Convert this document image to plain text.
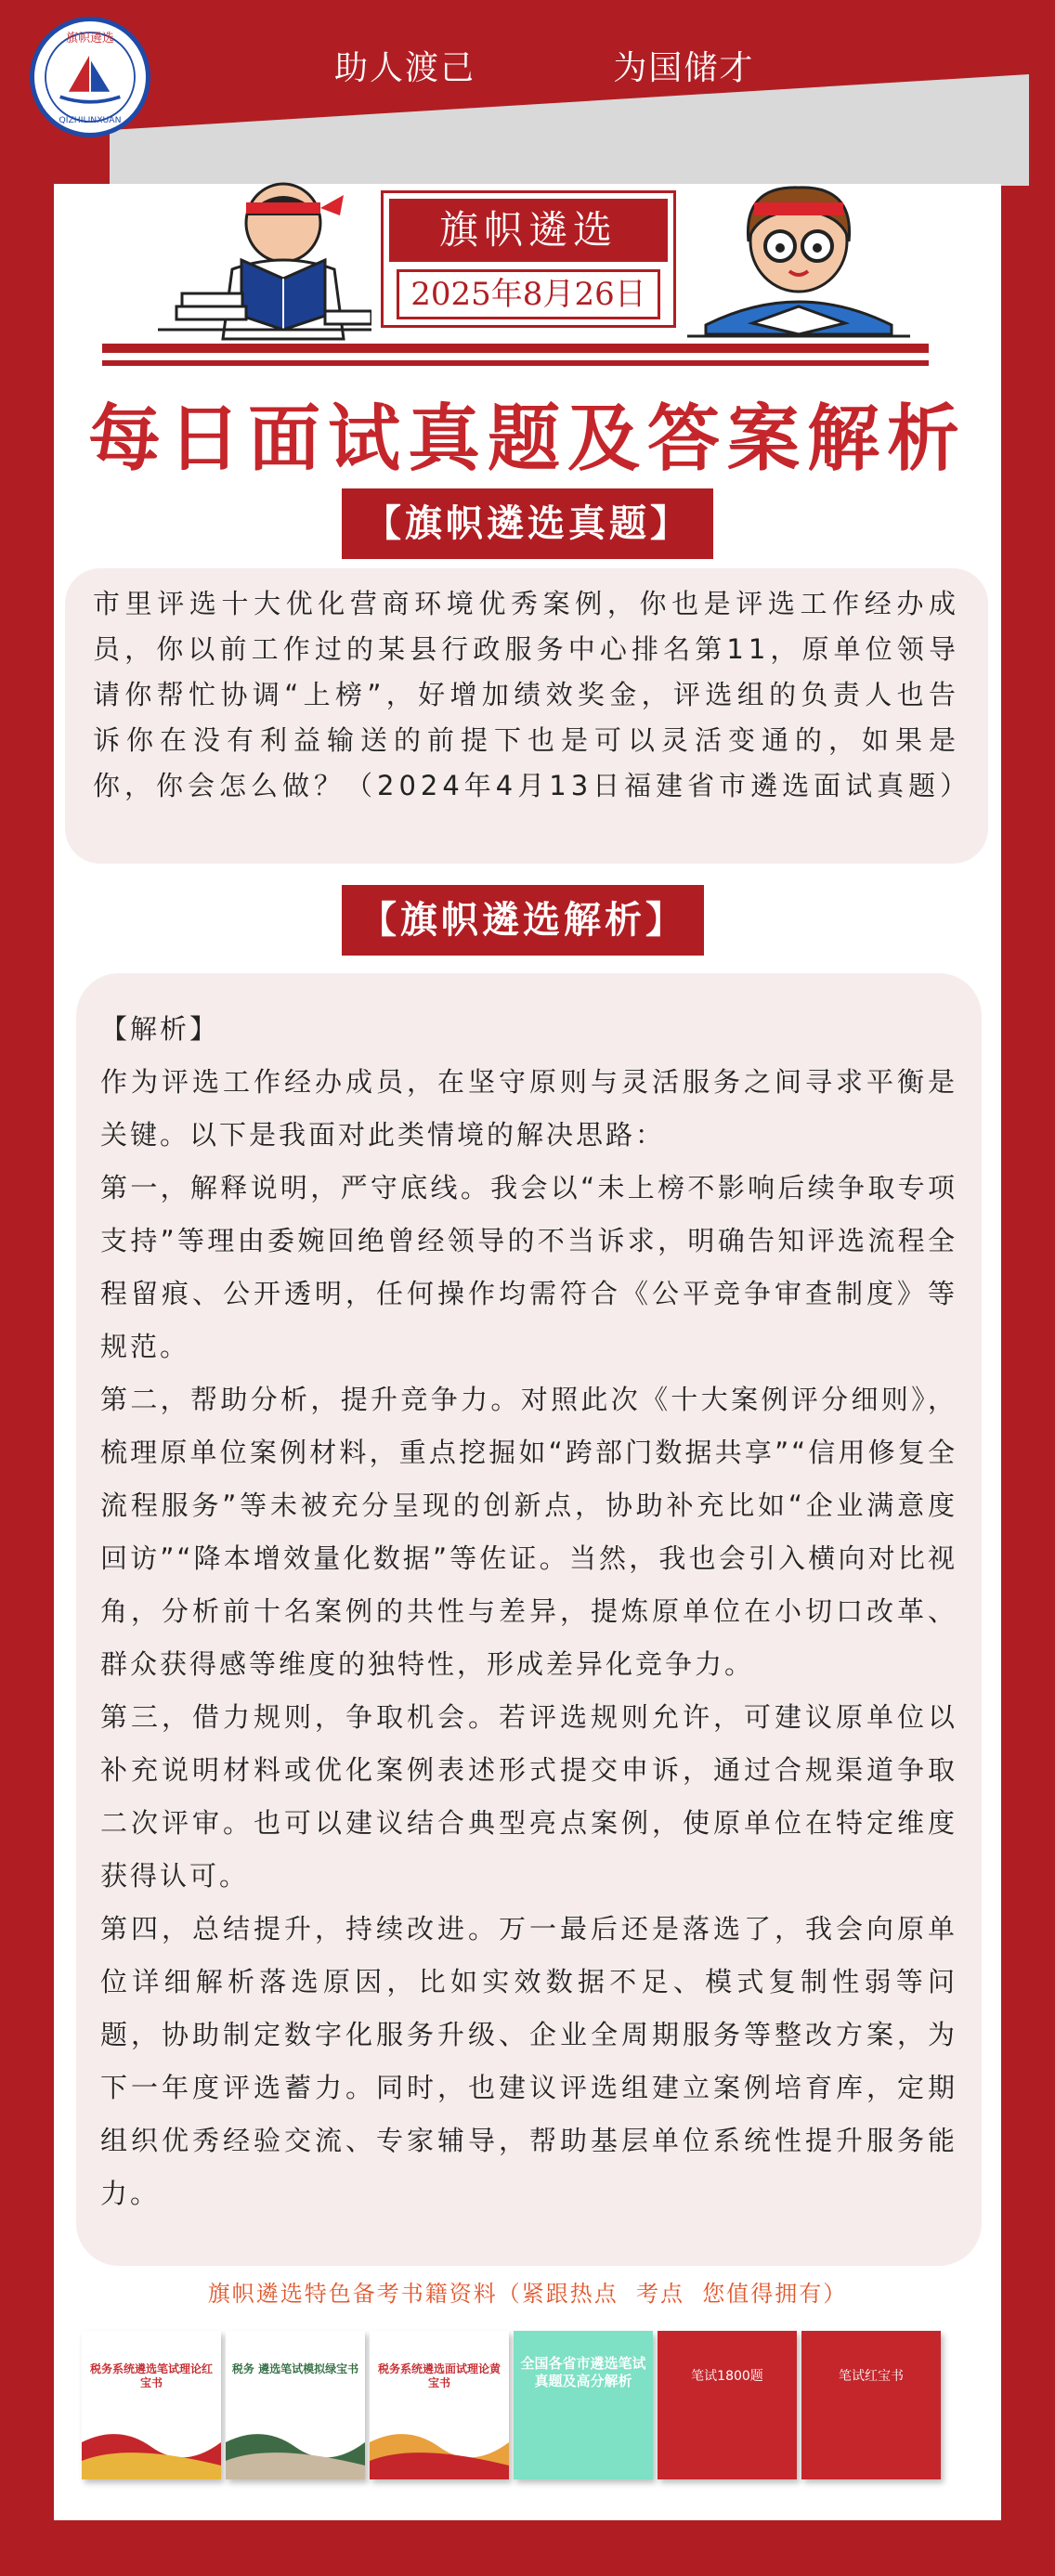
旗帜遴选
QIZHILINXUAN
助人渡己   为国储才
旗帜遴选
2025年8月26日
每日面试真题及答案解析
【旗帜遴选真题】
市里评选十大优化营商环境优秀案例，你也是评选工作经办成员，你以前工作过的某县行政服务中心排名第11，原单位领导请你帮忙协调“上榜”，好增加绩效奖金，评选组的负责人也告诉你在没有利益输送的前提下也是可以灵活变通的，如果是你，你会怎么做？（2024年4月13日福建省市遴选面试真题）
【旗帜遴选解析】

【解析】

作为评选工作经办成员，在坚守原则与灵活服务之间寻求平衡是关键。以下是我面对此类情境的解决思路：

第一，解释说明，严守底线。我会以“未上榜不影响后续争取专项支持”等理由委婉回绝曾经领导的不当诉求，明确告知评选流程全程留痕、公开透明，任何操作均需符合《公平竞争审查制度》等规范。

第二，帮助分析，提升竞争力。对照此次《十大案例评分细则》，梳理原单位案例材料，重点挖掘如“跨部门数据共享”“信用修复全流程服务”等未被充分呈现的创新点，协助补充比如“企业满意度回访”“降本增效量化数据”等佐证。当然，我也会引入横向对比视角，分析前十名案例的共性与差异，提炼原单位在小切口改革、群众获得感等维度的独特性，形成差异化竞争力。

第三，借力规则，争取机会。若评选规则允许，可建议原单位以补充说明材料或优化案例表述形式提交申诉，通过合规渠道争取二次评审。也可以建议结合典型亮点案例，使原单位在特定维度获得认可。

第四，总结提升，持续改进。万一最后还是落选了，我会向原单位详细解析落选原因，比如实效数据不足、模式复制性弱等问题，协助制定数字化服务升级、企业全周期服务等整改方案，为下一年度评选蓄力。同时，也建议评选组建立案例培育库，定期组织优秀经验交流、专家辅导，帮助基层单位系统性提升服务能力。

旗帜遴选特色备考书籍资料（紧跟热点  考点  您值得拥有）
税务系统遴选笔试理论红宝书
税务 遴选笔试模拟绿宝书 税务系统遴选面试理论黄宝书
全国各省市遴选笔试真题及高分解析	笔试1800题	笔试红宝书
